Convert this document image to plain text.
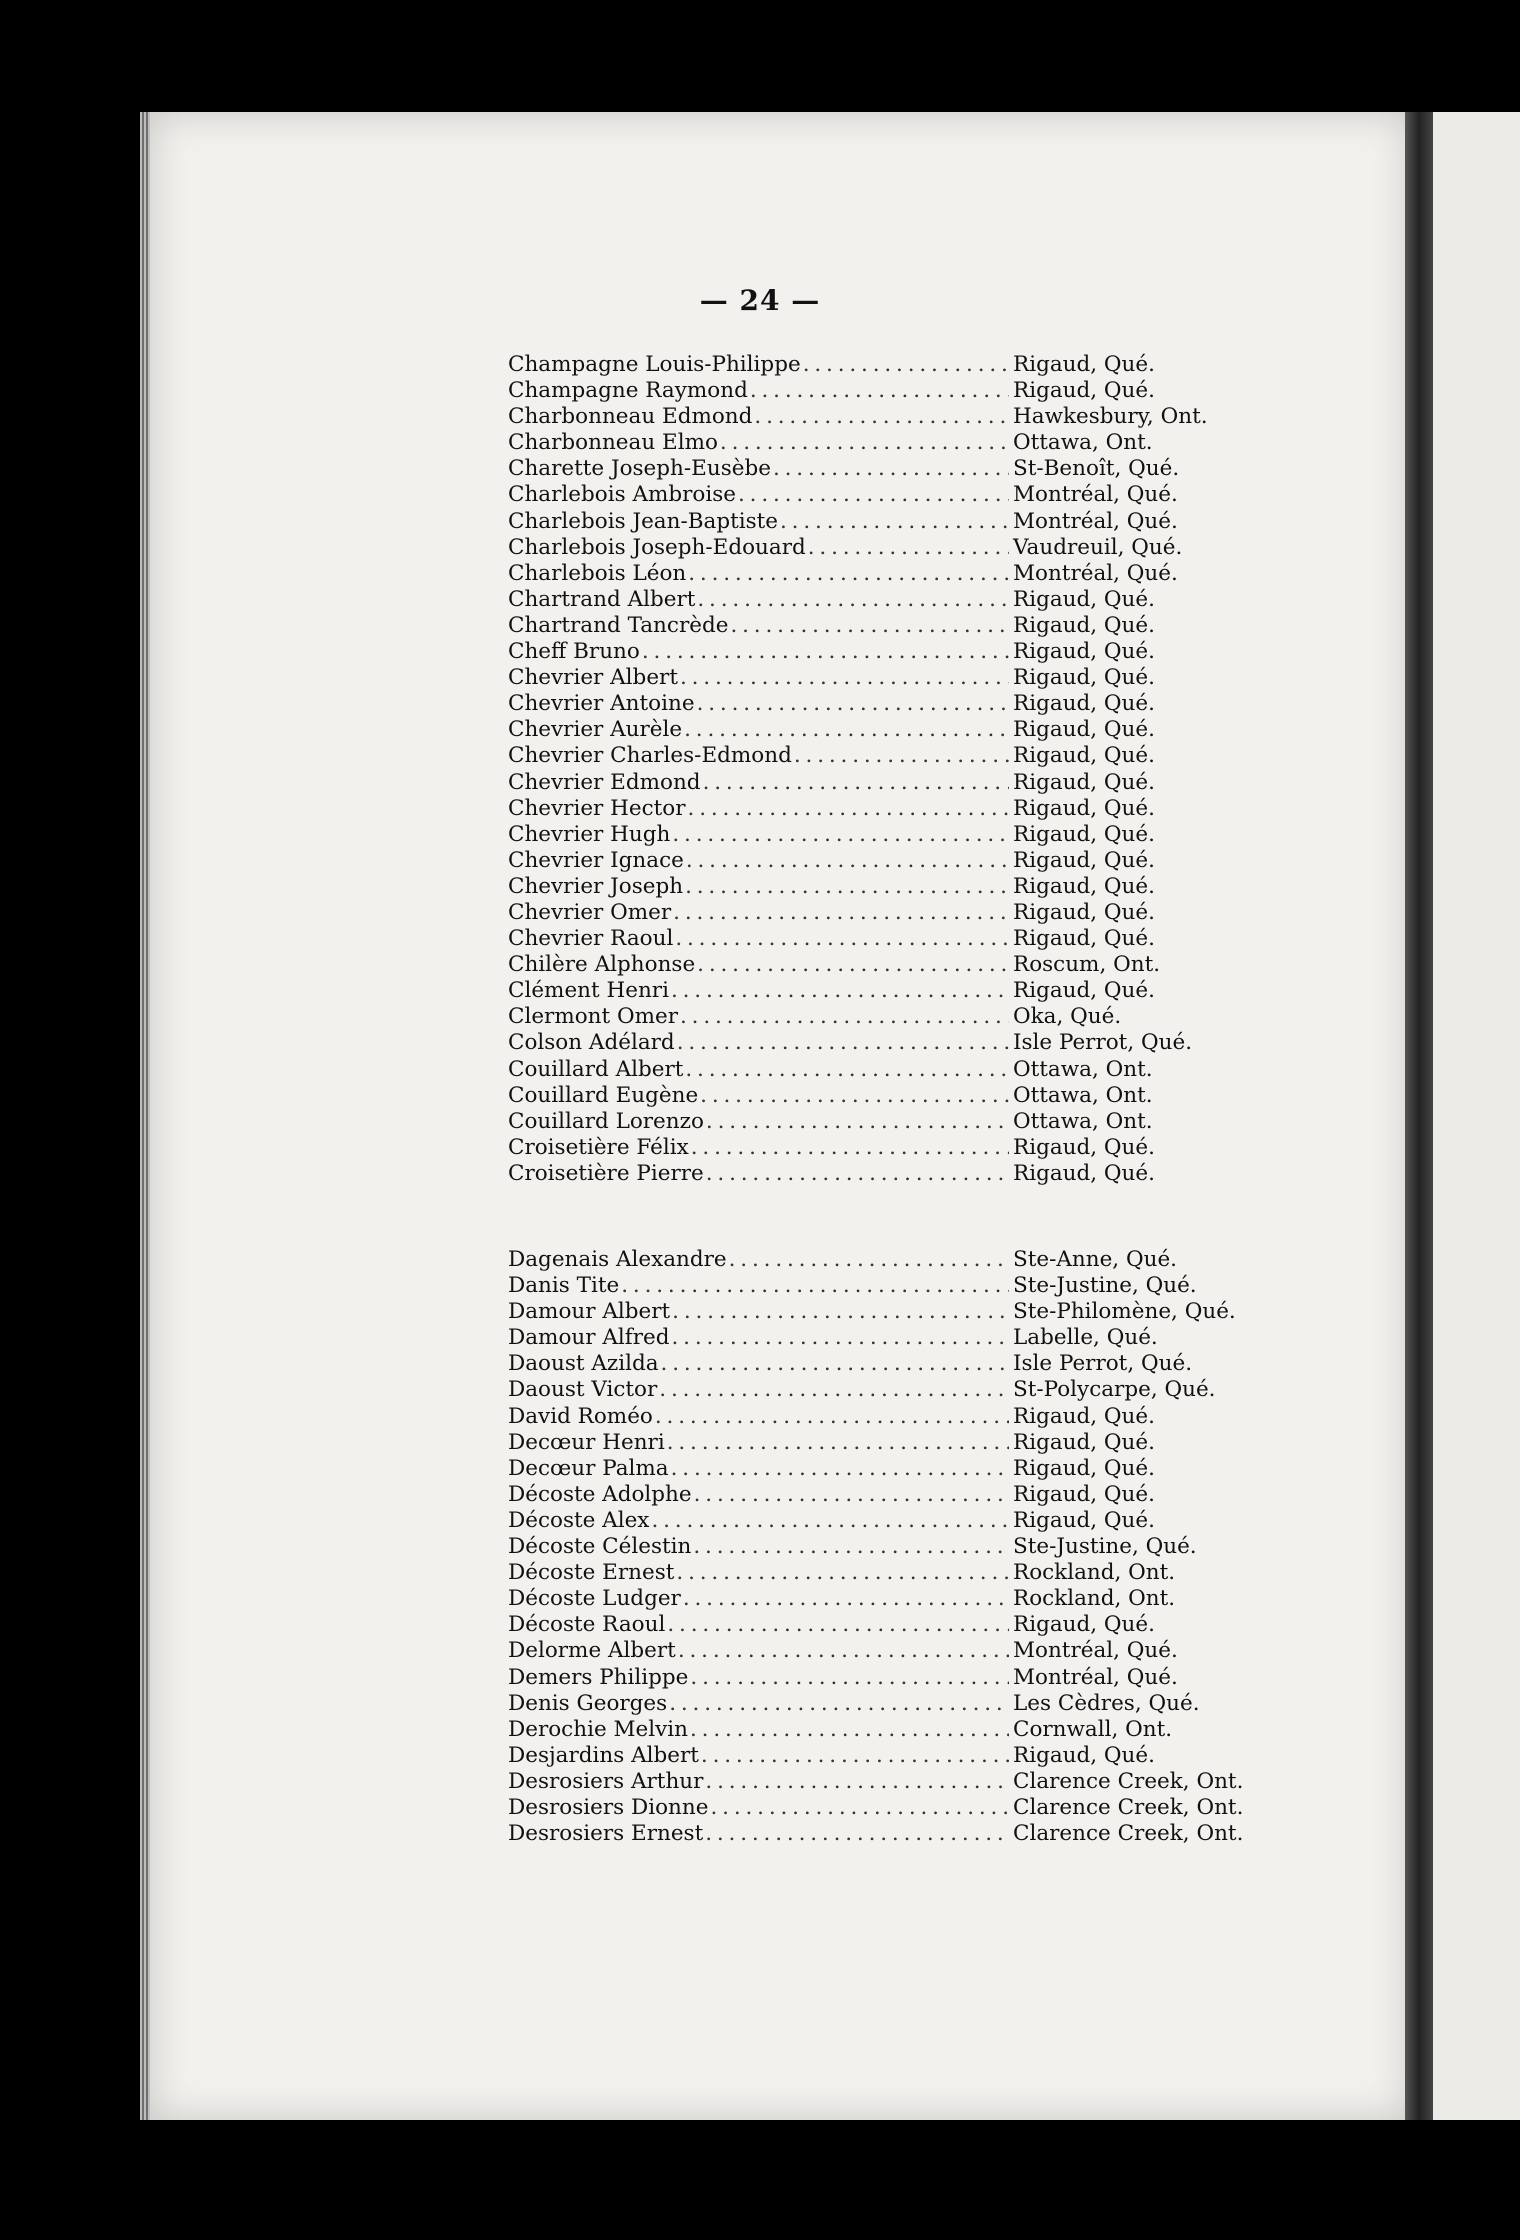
— 24 —
Champagne Louis-Philippe . . .	Rigaud, Qué.
Champagne Raymond . . .	Rigaud, Qué.
Charbonneau Edmond . . .	Hawkesbury, Ont.
Charbonneau Elmo . . .	Ottawa, Ont.
Charette Joseph-Eusèbe . . .	St-Benoît, Qué.
Charlebois Ambroise . . .	Montréal, Qué.
Charlebois Jean-Baptiste . . .	Montréal, Qué.
Charlebois Joseph-Edouard . . .	Vaudreuil, Qué.
Charlebois Léon . . .	Montréal, Qué.
Chartrand Albert . . .	Rigaud, Qué.
Chartrand Tancrède . . .	Rigaud, Qué.
Cheff Bruno . . .	Rigaud, Qué.
Chevrier Albert . . .	Rigaud, Qué.
Chevrier Antoine . . .	Rigaud, Qué.
Chevrier Aurèle . . .	Rigaud, Qué.
Chevrier Charles-Edmond . . .	Rigaud, Qué.
Chevrier Edmond . . .	Rigaud, Qué.
Chevrier Hector . . .	Rigaud, Qué.
Chevrier Hugh . . .	Rigaud, Qué.
Chevrier Ignace . . .	Rigaud, Qué.
Chevrier Joseph . . .	Rigaud, Qué.
Chevrier Omer . . .	Rigaud, Qué.
Chevrier Raoul . . .	Rigaud, Qué.
Chilère Alphonse . . .	Roscum, Ont.
Clément Henri . . .	Rigaud, Qué.
Clermont Omer . . .	Oka, Qué.
Colson Adélard . . .	Isle Perrot, Qué.
Couillard Albert . . .	Ottawa, Ont.
Couillard Eugène . . .	Ottawa, Ont.
Couillard Lorenzo . . .	Ottawa, Ont.
Croisetière Félix . . .	Rigaud, Qué.
Croisetière Pierre . . .	Rigaud, Qué.
Dagenais Alexandre . . .	Ste-Anne, Qué.
Danis Tite . . .	Ste-Justine, Qué.
Damour Albert . . .	Ste-Philomène, Qué.
Damour Alfred . . .	Labelle, Qué.
Daoust Azilda . . .	Isle Perrot, Qué.
Daoust Victor . . .	St-Polycarpe, Qué.
David Roméo . . .	Rigaud, Qué.
Decœur Henri . . .	Rigaud, Qué.
Decœur Palma . . .	Rigaud, Qué.
Décoste Adolphe . . .	Rigaud, Qué.
Décoste Alex . . .	Rigaud, Qué.
Décoste Célestin . . .	Ste-Justine, Qué.
Décoste Ernest . . .	Rockland, Ont.
Décoste Ludger . . .	Rockland, Ont.
Décoste Raoul . . .	Rigaud, Qué.
Delorme Albert . . .	Montréal, Qué.
Demers Philippe . . .	Montréal, Qué.
Denis Georges . . .	Les Cèdres, Qué.
Derochie Melvin . . .	Cornwall, Ont.
Desjardins Albert . . .	Rigaud, Qué.
Desrosiers Arthur . . .	Clarence Creek, Ont.
Desrosiers Dionne . . .	Clarence Creek, Ont.
Desrosiers Ernest . . .	Clarence Creek, Ont.
